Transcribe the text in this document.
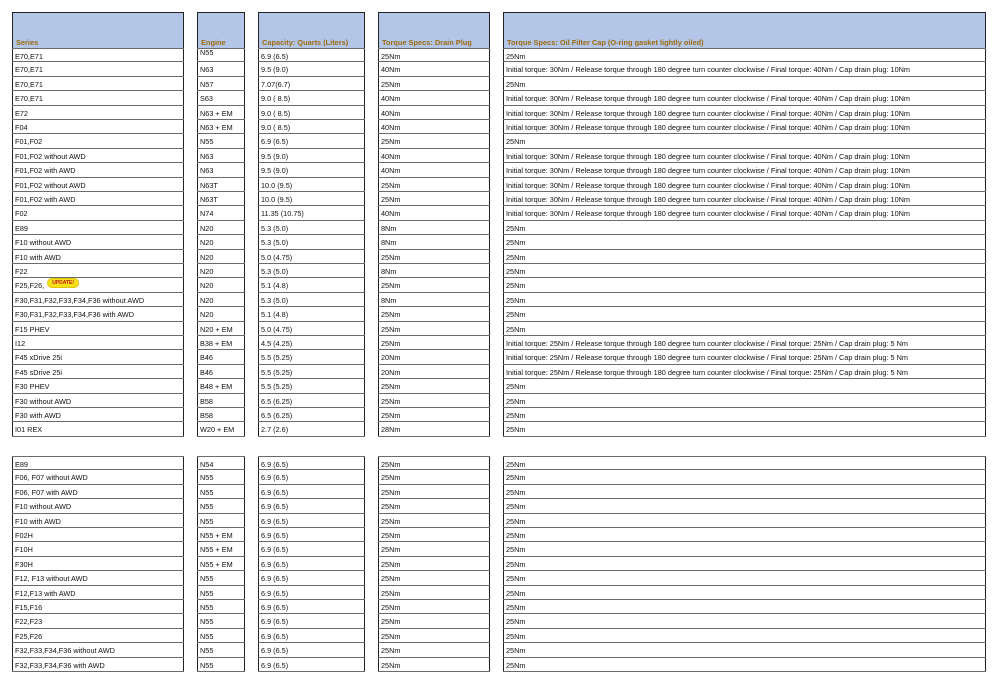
Series	Engine	Capacity: Quarts (Liters)	Torque Specs: Drain Plug	Torque Specs: Oil Filter Cap (O-ring gasket lightly oiled)
E70,E71	N55	6.9 (6.5)	25Nm	25Nm
E70,E71	N63	9.5 (9.0)	40Nm	Initial torque: 30Nm / Release torque through 180 degree turn counter clockwise / Final torque: 40Nm / Cap drain plug: 10Nm
E70,E71	N57	7.07(6.7)	25Nm	25Nm
E70,E71	S63	9.0 ( 8.5)	40Nm	Initial torque: 30Nm / Release torque through 180 degree turn counter clockwise / Final torque: 40Nm / Cap drain plug: 10Nm
E72	N63 + EM	9.0 ( 8.5)	40Nm	Initial torque: 30Nm / Release torque through 180 degree turn counter clockwise / Final torque: 40Nm / Cap drain plug: 10Nm
F04	N63 + EM	9.0 ( 8.5)	40Nm	Initial torque: 30Nm / Release torque through 180 degree turn counter clockwise / Final torque: 40Nm / Cap drain plug: 10Nm
F01,F02	N55	6.9 (6.5)	25Nm	25Nm
F01,F02 without AWD	N63	9.5 (9.0)	40Nm	Initial torque: 30Nm / Release torque through 180 degree turn counter clockwise / Final torque: 40Nm / Cap drain plug: 10Nm
F01,F02 with AWD	N63	9.5 (9.0)	40Nm	Initial torque: 30Nm / Release torque through 180 degree turn counter clockwise / Final torque: 40Nm / Cap drain plug: 10Nm
F01,F02 without AWD	N63T	10.0 (9.5)	25Nm	Initial torque: 30Nm / Release torque through 180 degree turn counter clockwise / Final torque: 40Nm / Cap drain plug: 10Nm
F01,F02 with AWD	N63T	10.0 (9.5)	25Nm	Initial torque: 30Nm / Release torque through 180 degree turn counter clockwise / Final torque: 40Nm / Cap drain plug: 10Nm
F02	N74	11.35 (10.75)	40Nm	Initial torque: 30Nm / Release torque through 180 degree turn counter clockwise / Final torque: 40Nm / Cap drain plug: 10Nm
E89	N20	5.3 (5.0)	8Nm	25Nm
F10 without AWD	N20	5.3 (5.0)	8Nm	25Nm
F10 with AWD	N20	5.0 (4.75)	25Nm	25Nm
F22	N20	5.3 (5.0)	8Nm	25Nm
F25,F26, UPDATE!	N20	5.1 (4.8)	25Nm	25Nm
F30,F31,F32,F33,F34,F36 without AWD	N20	5.3 (5.0)	8Nm	25Nm
F30,F31,F32,F33,F34,F36 with AWD	N20	5.1 (4.8)	25Nm	25Nm
F15 PHEV	N20 + EM	5.0 (4.75)	25Nm	25Nm
I12	B38 + EM	4.5 (4.25)	25Nm	Initial torque: 25Nm / Release torque through 180 degree turn counter clockwise / Final torque: 25Nm / Cap drain plug: 5 Nm
F45 xDrive 25i	B46	5.5 (5.25)	20Nm	Initial torque: 25Nm / Release torque through 180 degree turn counter clockwise / Final torque: 25Nm / Cap drain plug: 5 Nm
F45 sDrive 25i	B46	5.5 (5.25)	20Nm	Initial torque: 25Nm / Release torque through 180 degree turn counter clockwise / Final torque: 25Nm / Cap drain plug: 5 Nm
F30 PHEV	B48 + EM	5.5 (5.25)	25Nm	25Nm
F30 without AWD	B58	6.5 (6.25)	25Nm	25Nm
F30 with AWD	B58	6.5 (6.25)	25Nm	25Nm
I01 REX	W20 + EM	2.7 (2.6)	28Nm	25Nm
E89	N54	6.9 (6.5)	25Nm	25Nm
F06, F07 without AWD	N55	6.9 (6.5)	25Nm	25Nm
F06, F07 with AWD	N55	6.9 (6.5)	25Nm	25Nm
F10 without AWD	N55	6.9 (6.5)	25Nm	25Nm
F10 with AWD	N55	6.9 (6.5)	25Nm	25Nm
F02H	N55 + EM	6.9 (6.5)	25Nm	25Nm
F10H	N55 + EM	6.9 (6.5)	25Nm	25Nm
F30H	N55 + EM	6.9 (6.5)	25Nm	25Nm
F12, F13 without AWD	N55	6.9 (6.5)	25Nm	25Nm
F12,F13 with AWD	N55	6.9 (6.5)	25Nm	25Nm
F15,F16	N55	6.9 (6.5)	25Nm	25Nm
F22,F23	N55	6.9 (6.5)	25Nm	25Nm
F25,F26	N55	6.9 (6.5)	25Nm	25Nm
F32,F33,F34,F36 without AWD	N55	6.9 (6.5)	25Nm	25Nm
F32,F33,F34,F36 with AWD	N55	6.9 (6.5)	25Nm	25Nm
